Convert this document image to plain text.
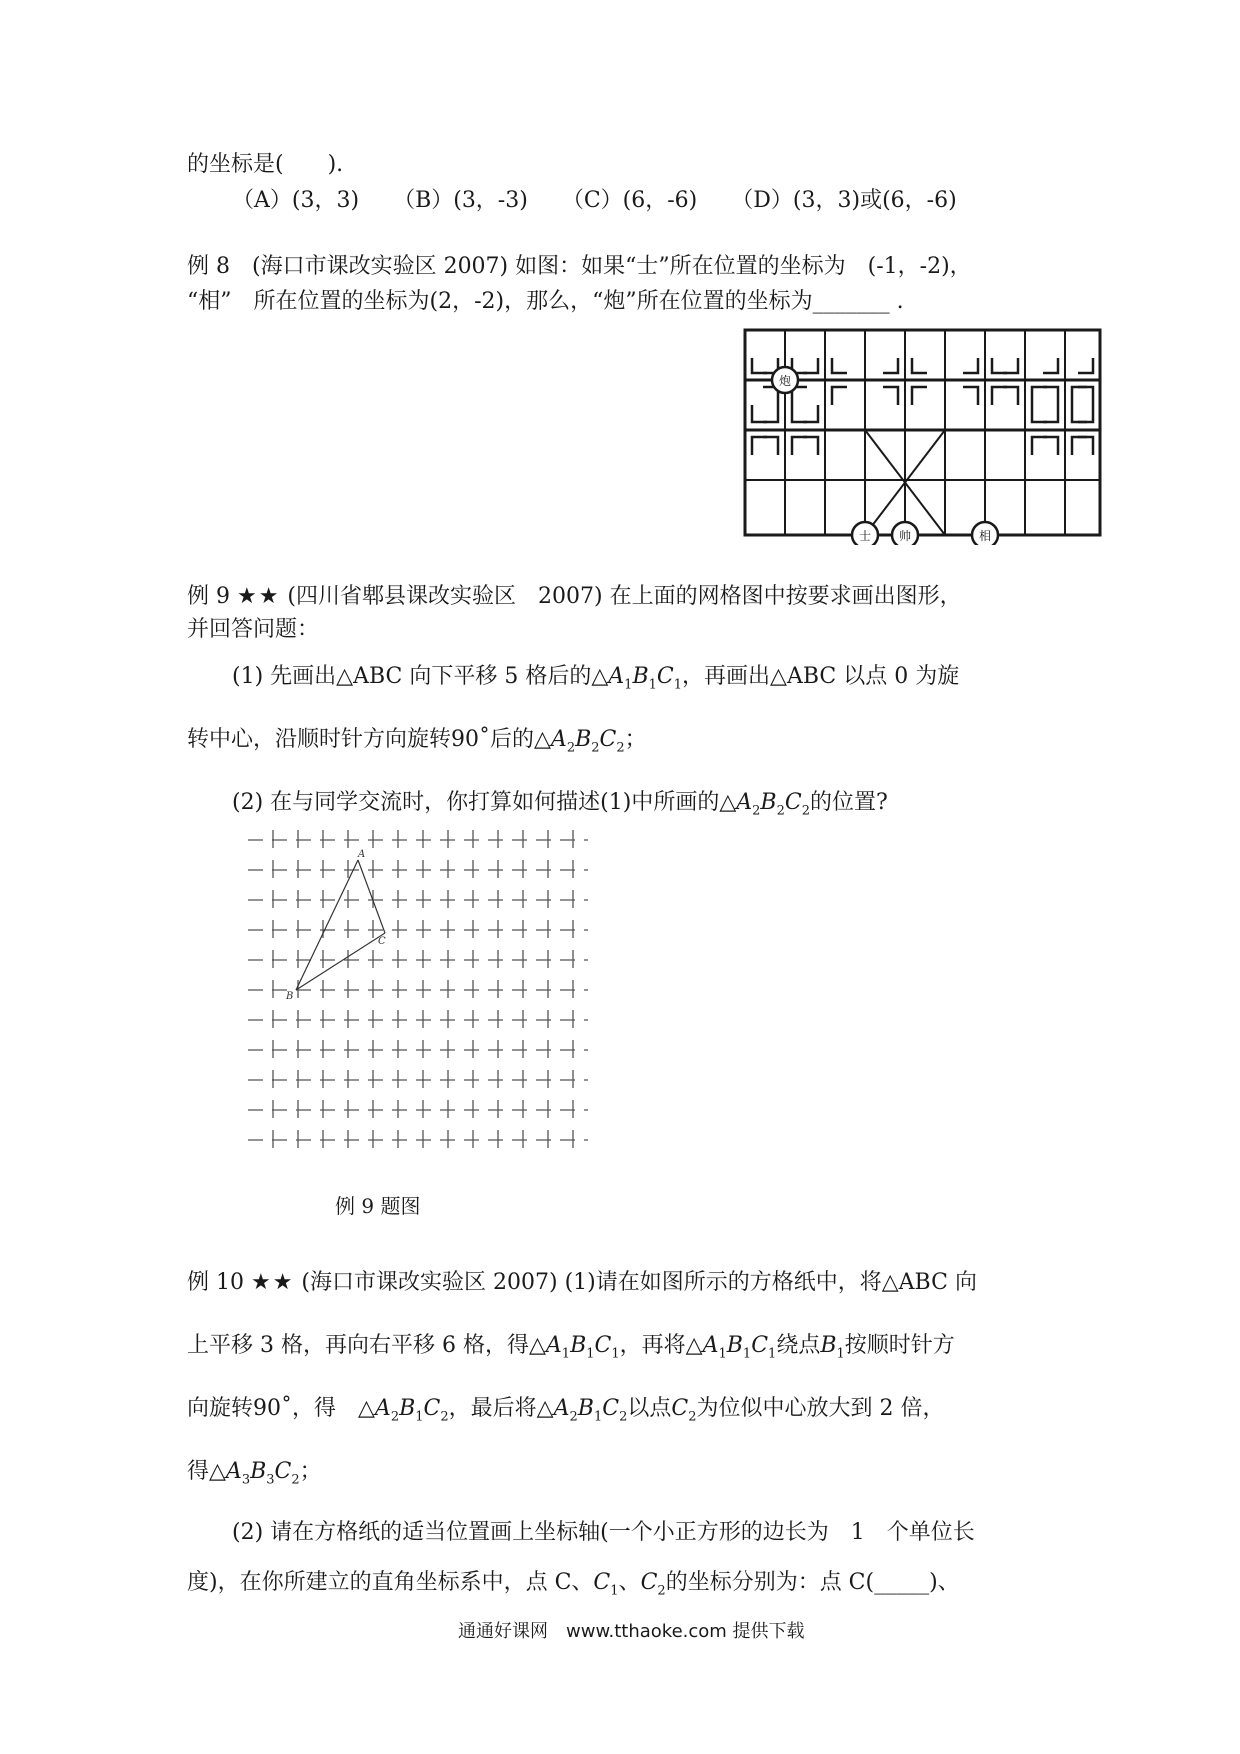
的坐标是(　　).
（A）(3，3) （B）(3，-3) （C）(6，-6) （D）(3，3)或(6，-6)
例 8　(海口市课改实验区 2007) 如图：如果“士”所在位置的坐标为　(-1，-2)，
“相”　所在位置的坐标为(2，-2)，那么，“炮”所在位置的坐标为_______ .
炮
士 帅	相
例 9 ★★ (四川省郫县课改实验区　2007) 在上面的网格图中按要求画出图形，
并回答问题：
(1) 先画出△ABC 向下平移 5 格后的$\triangle A_1B_1C_1$，再画出△ABC 以点 0 为旋
转中心，沿顺时针方向旋转90˚后的$\triangle A_2B_2C_2$；
(2) 在与同学交流时，你打算如何描述(1)中所画的$\triangle A_2B_2C_2$的位置?
A
B
C
例 9 题图
例 10 ★★ (海口市课改实验区 2007) (1)请在如图所示的方格纸中，将△ABC 向
上平移 3 格，再向右平移 6 格，得$\triangle A_1B_1C_1$，再将$\triangle A_1B_1C_1$绕点$B_1$按顺时针方
向旋转90˚，得　$\triangle A_2B_1C_2$，最后将$\triangle A_2B_1C_2$以点$C_2$为位似中心放大到 2 倍，
得$\triangle A_3B_3C_2$；
(2) 请在方格纸的适当位置画上坐标轴(一个小正方形的边长为　1　个单位长
度)，在你所建立的直角坐标系中，点 C、$C_1$、$C_2$的坐标分别为：点 C(_____)、
通通好课网　www.tthaoke.com 提供下载
